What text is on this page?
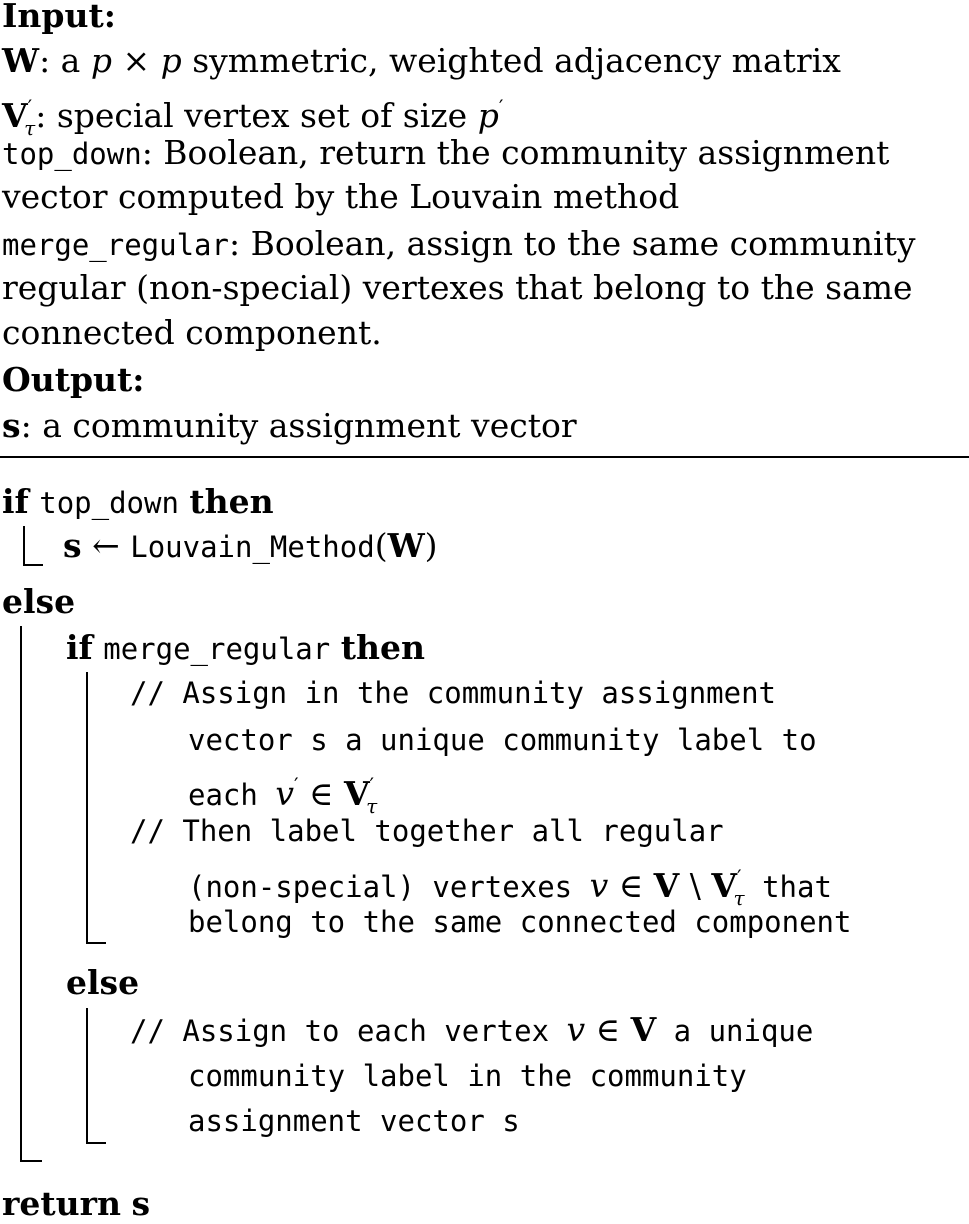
Input:
W: a p × p symmetric, weighted adjacency matrix
$V'_\tau$: special vertex set of size p′
top_down: Boolean, return the community assignment
vector computed by the Louvain method
merge_regular: Boolean, assign to the same community
regular (non-special) vertexes that belong to the same
connected component.
Output:
s: a community assignment vector
if top_down then
s ← Louvain_Method(W)
else
if merge_regular then
// Assign in the community assignment
vector s a unique community label to
each v′ ∈ $V'_\tau$
// Then label together all regular
(non-special) vertexes v ∈ V \ $V'_\tau$ that
belong to the same connected component
else
// Assign to each vertex v ∈ V a unique
community label in the community
assignment vector s
return s
